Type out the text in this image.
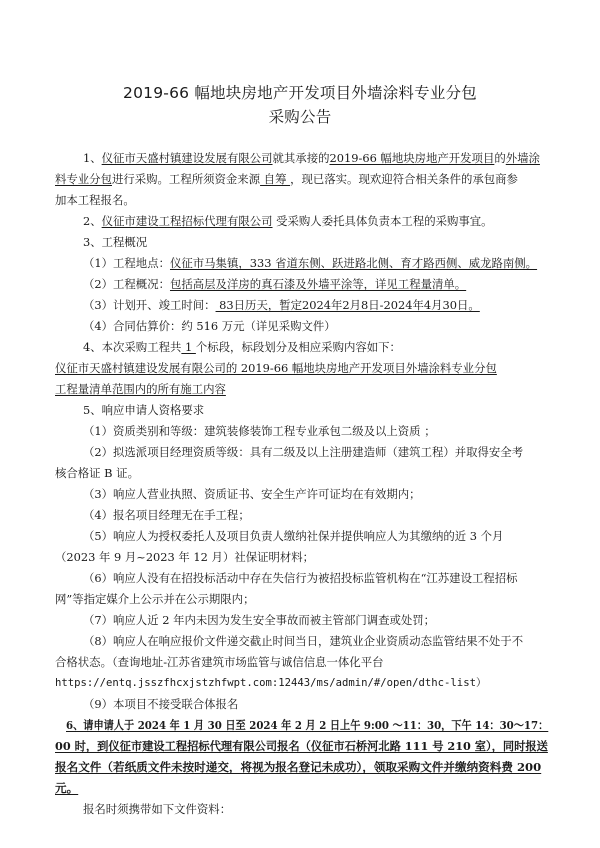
2019-66 幅地块房地产开发项目外墙涂料专业分包
采购公告
1、仪征市天盛村镇建设发展有限公司就其承接的2019-66 幅地块房地产开发项目的外墙涂
料专业分包进行采购。工程所须资金来源 自筹 ，现已落实。现欢迎符合相关条件的承包商参
加本工程报名。
2、仪征市建设工程招标代理有限公司 受采购人委托具体负责本工程的采购事宜。
3、工程概况
（1）工程地点：仪征市马集镇，333 省道东侧、跃进路北侧、育才路西侧、威龙路南侧。
（2）工程概况：包括高层及洋房的真石漆及外墙平涂等，详见工程量清单。
（3）计划开、竣工时间： 83日历天，暂定2024年2月8日-2024年4月30日。
（4）合同估算价：约 516 万元（详见采购文件）
4、本次采购工程共 1 个标段，标段划分及相应采购内容如下：
仪征市天盛村镇建设发展有限公司的 2019-66 幅地块房地产开发项目外墙涂料专业分包
工程量清单范围内的所有施工内容
5、响应申请人资格要求
（1）资质类别和等级：建筑装修装饰工程专业承包二级及以上资质 ；
（2）拟选派项目经理资质等级：具有二级及以上注册建造师（建筑工程）并取得安全考
核合格证 B 证。
（3）响应人营业执照、资质证书、安全生产许可证均在有效期内；
（4）报名项目经理无在手工程；
（5）响应人为授权委托人及项目负责人缴纳社保并提供响应人为其缴纳的近 3 个月
（2023 年 9 月~2023 年 12 月）社保证明材料；
（6）响应人没有在招投标活动中存在失信行为被招投标监管机构在“江苏建设工程招标
网”等指定媒介上公示并在公示期限内；
（7）响应人近 2 年内未因为发生安全事故而被主管部门调查或处罚；
（8）响应人在响应报价文件递交截止时间当日，建筑业企业资质动态监管结果不处于不
合格状态。（查询地址-江苏省建筑市场监管与诚信信息一体化平台
https://entq.jsszfhcxjstzhfwpt.com:12443/ms/admin/#/open/dthc-list）
（9）本项目不接受联合体报名
6、请申请人于 2024 年 1 月 30 日至 2024 年 2 月 2 日上午 9:00 ～11：30，下午 14：30～17：
00 时，到仪征市建设工程招标代理有限公司报名（仪征市石桥河北路 111 号 210 室），同时报送
报名文件（若纸质文件未按时递交，将视为报名登记未成功），领取采购文件并缴纳资料费 200
元。
报名时须携带如下文件资料：
